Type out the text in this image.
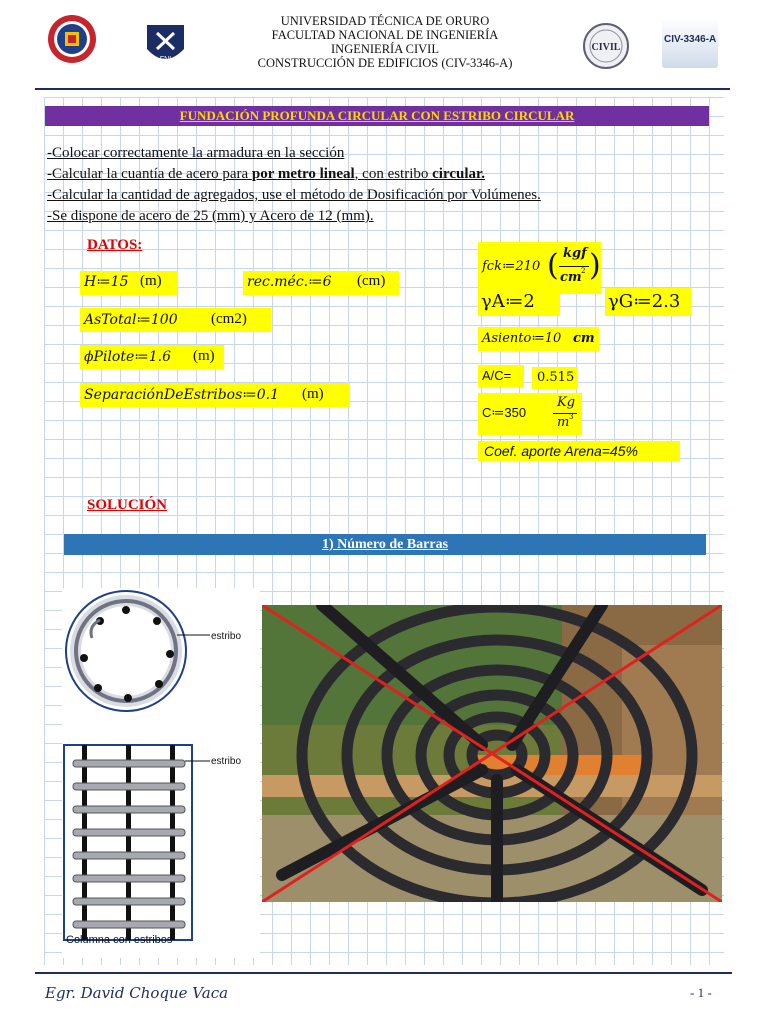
FNI
UNIVERSIDAD TÉCNICA DE ORURO
FACULTAD NACIONAL DE INGENIERÍA
INGENIERÍA CIVIL
CONSTRUCCIÓN DE EDIFICIOS (CIV-3346-A)
CIVIL
CIV-3346-A
FUNDACIÓN PROFUNDA CIRCULAR CON ESTRIBO CIRCULAR
-Colocar correctamente la armadura en la sección
-Calcular la cuantía de acero para por metro lineal, con estribo circular.
-Calcular la cantidad de agregados, use el método de Dosificación por Volúmenes.
-Se dispone de acero de 25 (mm) y Acero de 12 (mm).
DATOS:
H≔15 (m)	rec.méc.≔6 (cm)
AsTotal≔100 (cm2)
ϕPilote≔1.6 (m)
SeparaciónDeEstribos≔0.1 (m)
fck≔210 ( kgf
cm 2 )
γA≔2	γG≔2.3
Asiento≔10 cm
A/C= 0.515
C≔350
Kg
m 3
Coef. aporte Arena=45%
SOLUCIÓN
1) Número de Barras
estribo
estribo
Columna con estribos
Egr. David Choque Vaca	- 1 -
